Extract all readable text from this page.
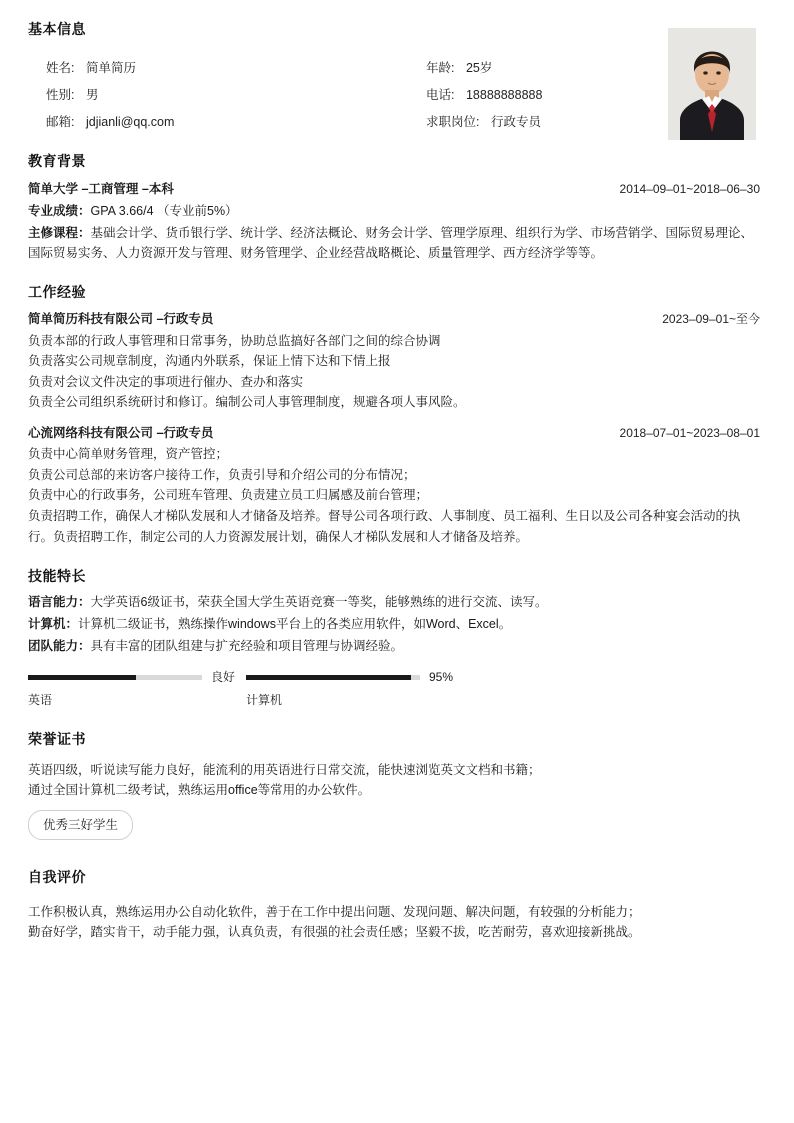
基本信息
姓名: 简单简历	年龄: 25岁
性别: 男	电话: 18888888888
邮箱: jdjianli@qq.com	求职岗位: 行政专员
教育背景
简单大学 –工商管理 –本科	2014–09–01~2018–06–30
专业成绩：GPA 3.66/4 （专业前5%）
主修课程：基础会计学、货币银行学、统计学、经济法概论、财务会计学、管理学原理、组织行为学、市场营销学、国际贸易理论、国际贸易实务、人力资源开发与管理、财务管理学、企业经营战略概论、质量管理学、西方经济学等等。
工作经验
简单简历科技有限公司 –行政专员	2023–09–01~至今
负责本部的行政人事管理和日常事务，协助总监搞好各部门之间的综合协调
负责落实公司规章制度，沟通内外联系，保证上情下达和下情上报
负责对会议文件决定的事项进行催办、查办和落实
负责全公司组织系统研讨和修订。编制公司人事管理制度，规避各项人事风险。
心流网络科技有限公司 –行政专员	2018–07–01~2023–08–01
负责中心简单财务管理，资产管控；
负责公司总部的来访客户接待工作，负责引导和介绍公司的分布情况；
负责中心的行政事务，公司班车管理、负责建立员工归属感及前台管理；
负责招聘工作，确保人才梯队发展和人才储备及培养。督导公司各项行政、人事制度、员工福利、生日以及公司各种宴会活动的执行。负责招聘工作，制定公司的人力资源发展计划，确保人才梯队发展和人才储备及培养。
技能特长
语言能力：大学英语6级证书，荣获全国大学生英语竞赛一等奖，能够熟练的进行交流、读写。
计算机：计算机二级证书，熟练操作windows平台上的各类应用软件，如Word、Excel。
团队能力：具有丰富的团队组建与扩充经验和项目管理与协调经验。
良好
英语
95%
计算机
荣誉证书
英语四级，听说读写能力良好，能流利的用英语进行日常交流，能快速浏览英文文档和书籍；
通过全国计算机二级考试，熟练运用office等常用的办公软件。
优秀三好学生
自我评价
工作积极认真，熟练运用办公自动化软件，善于在工作中提出问题、发现问题、解决问题，有较强的分析能力；
勤奋好学，踏实肯干，动手能力强，认真负责，有很强的社会责任感；坚毅不拔，吃苦耐劳，喜欢迎接新挑战。
